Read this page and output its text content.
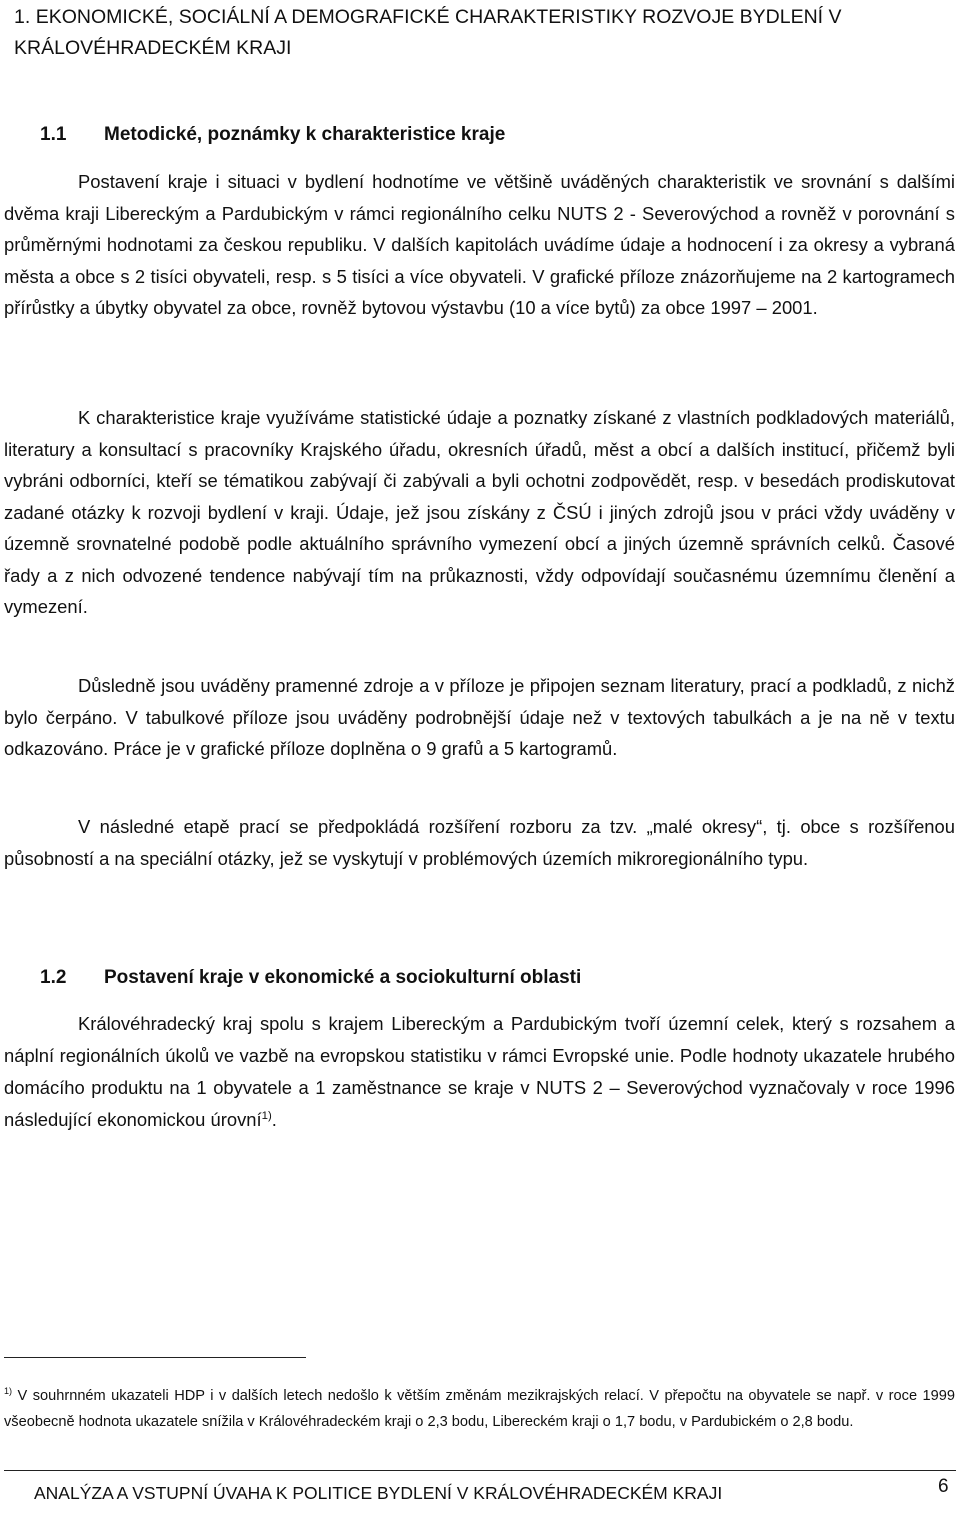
1. EKONOMICKÉ, SOCIÁLNÍ A DEMOGRAFICKÉ CHARAKTERISTIKY ROZVOJE BYDLENÍ V KRÁLOVÉHRADECKÉM KRAJI
1.1 Metodické, poznámky k charakteristice kraje

Postavení kraje i situaci v bydlení hodnotíme ve většině uváděných charakteristik ve srovnání s dalšími dvěma kraji Libereckým a Pardubickým v rámci regionálního celku NUTS 2 - Severovýchod a rovněž v porovnání s průměrnými hodnotami za českou republiku. V dalších kapitolách uvádíme údaje a hodnocení i za okresy a vybraná města a obce s 2 tisíci obyvateli, resp. s 5 tisíci a více obyvateli. V grafické příloze znázorňujeme na 2 kartogramech přírůstky a úbytky obyvatel za obce, rovněž bytovou výstavbu (10 a více bytů) za obce 1997 – 2001.

K charakteristice kraje využíváme statistické údaje a poznatky získané z vlastních podkladových materiálů, literatury a konsultací s pracovníky Krajského úřadu, okresních úřadů, měst a obcí a dalších institucí, přičemž byli vybráni odborníci, kteří se tématikou zabývají či zabývali a byli ochotni zodpovědět, resp. v besedách prodiskutovat zadané otázky k rozvoji bydlení v kraji. Údaje, jež jsou získány z ČSÚ i jiných zdrojů jsou v práci vždy uváděny v územně srovnatelné podobě podle aktuálního správního vymezení obcí a jiných územně správních celků. Časové řady a z nich odvozené tendence nabývají tím na průkaznosti, vždy odpovídají současnému územnímu členění a vymezení.

Důsledně jsou uváděny pramenné zdroje a v příloze je připojen seznam literatury, prací a podkladů, z nichž bylo čerpáno. V tabulkové příloze jsou uváděny podrobnější údaje než v textových tabulkách a je na ně v textu odkazováno. Práce je v grafické příloze doplněna o 9 grafů a 5 kartogramů.

V následné etapě prací se předpokládá rozšíření rozboru za tzv. „malé okresy“, tj. obce s rozšířenou působností a na speciální otázky, jež se vyskytují v problémových územích mikroregionálního typu.

1.2 Postavení kraje v ekonomické a sociokulturní oblasti

Královéhradecký kraj spolu s krajem Libereckým a Pardubickým tvoří územní celek, který s rozsahem a náplní regionálních úkolů ve vazbě na evropskou statistiku v rámci Evropské unie. Podle hodnoty ukazatele hrubého domácího produktu na 1 obyvatele a 1 zaměstnance se kraje v NUTS 2 – Severovýchod vyznačovaly v roce 1996 následující ekonomickou úrovní$^{1)}$.

$^{1)}$ V souhrnném ukazateli HDP i v dalších letech nedošlo k větším změnám mezikrajských relací. V přepočtu na obyvatele se např. v roce 1999 všeobecně hodnota ukazatele snížila v Královéhradeckém kraji o 2,3 bodu, Libereckém kraji o 1,7 bodu, v Pardubickém o 2,8 bodu.

ANALÝZA A VSTUPNÍ ÚVAHA K POLITICE BYDLENÍ V KRÁLOVÉHRADECKÉM KRAJI	6
